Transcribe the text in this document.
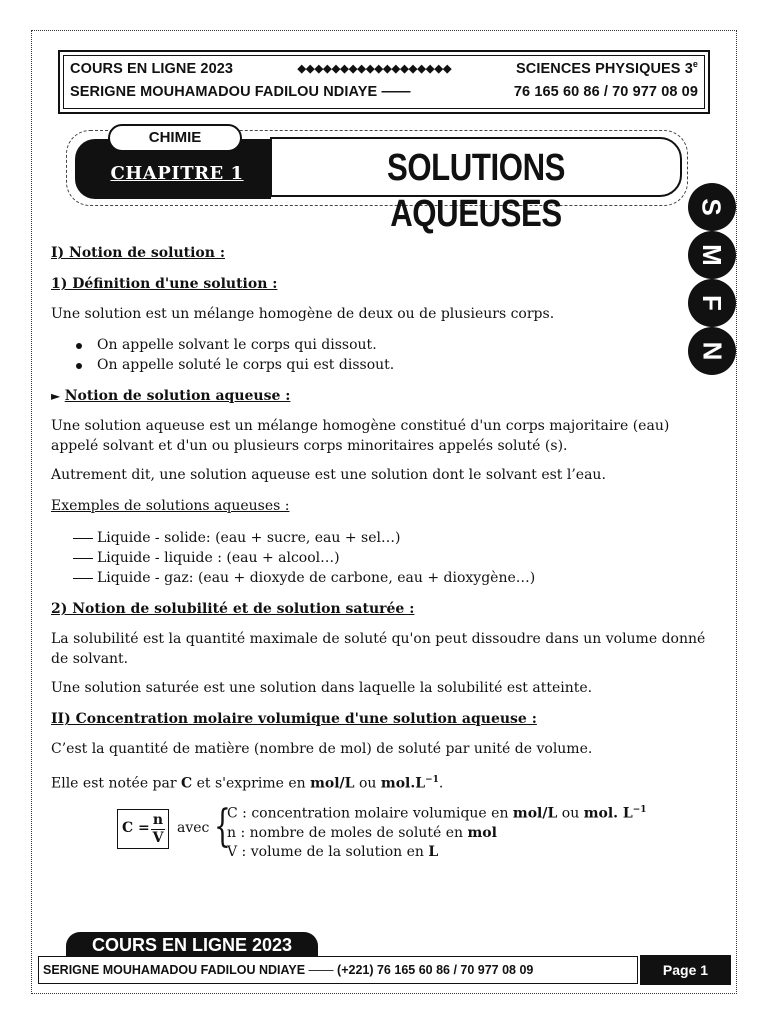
COURS EN LIGNE 2023	◆◆◆◆◆◆◆◆◆◆◆◆◆◆◆◆◆◆	SCIENCES PHYSIQUES 3e
SERIGNE MOUHAMADOU FADILOU NDIAYE ——	76 165 60 86 / 70 977 08 09
CHAPITRE 1
CHIMIE
SOLUTIONS AQUEUSES	S
M
F
N

I) Notion de solution :

1) Définition d'une solution :

Une solution est un mélange homogène de deux ou de plusieurs corps.

On appelle solvant le corps qui dissout.
On appelle soluté le corps qui est dissout.

► Notion de solution aqueuse :

Une solution aqueuse est un mélange homogène constitué d'un corps majoritaire (eau) appelé solvant et d'un ou plusieurs corps minoritaires appelés soluté (s).

Autrement dit, une solution aqueuse est une solution dont le solvant est l’eau.

Exemples de solutions aqueuses :

Liquide - solide: (eau + sucre, eau + sel…)
Liquide - liquide : (eau + alcool…)
Liquide - gaz: (eau + dioxyde de carbone, eau + dioxygène…)

2) Notion de solubilité et de solution saturée :

La solubilité est la quantité maximale de soluté qu'on peut dissoudre dans un volume donné de solvant.

Une solution saturée est une solution dans laquelle la solubilité est atteinte.

II) Concentration molaire volumique d'une solution aqueuse :

C’est la quantité de matière (nombre de mol) de soluté par unité de volume.

Elle est notée par C et s'exprime en mol/L ou $mol.L^{-1}$.

C = n
V
avec {
C : concentration molaire volumique en mol/L ou mol. $L^{-1}$
n : nombre de moles de soluté en mol
V : volume de la solution en L
COURS EN LIGNE 2023
SERIGNE MOUHAMADOU FADILOU NDIAYE —— (+221) 76 165 60 86 / 70 977 08 09	Page 1
